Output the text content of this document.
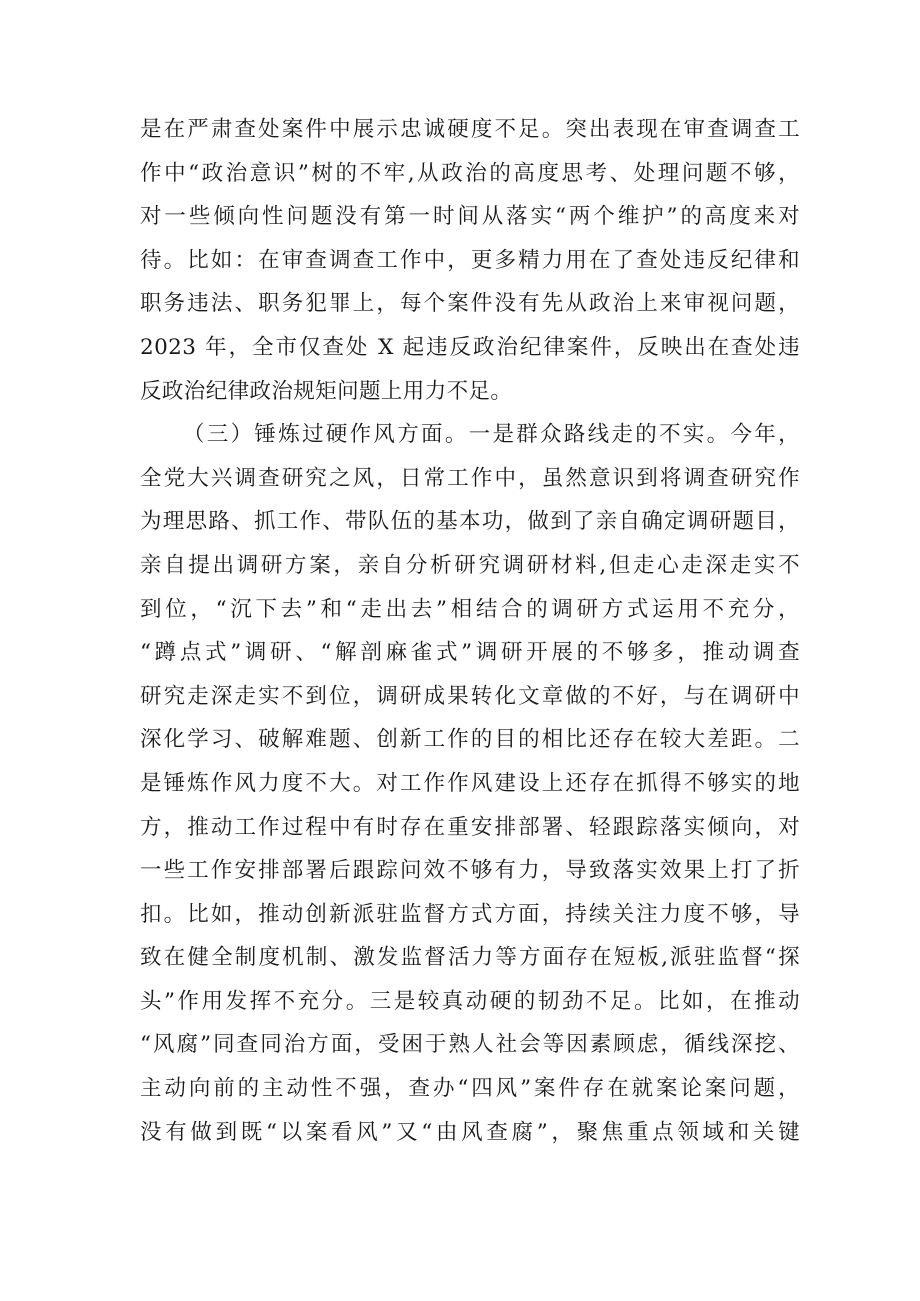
是在严肃查处案件中展示忠诚硬度不足。突出表现在审查调查工
作中“政治意识”树的不牢,从政治的高度思考、处理问题不够，
对一些倾向性问题没有第一时间从落实“两个维护”的高度来对
待。比如：在审查调查工作中，更多精力用在了查处违反纪律和
职务违法、职务犯罪上，每个案件没有先从政治上来审视问题，
2023 年，全市仅查处 X 起违反政治纪律案件，反映出在查处违
反政治纪律政治规矩问题上用力不足。
（三）锤炼过硬作风方面。一是群众路线走的不实。今年，
全党大兴调查研究之风，日常工作中，虽然意识到将调查研究作
为理思路、抓工作、带队伍的基本功，做到了亲自确定调研题目，
亲自提出调研方案，亲自分析研究调研材料,但走心走深走实不
到位，“沉下去”和“走出去”相结合的调研方式运用不充分，
“蹲点式”调研、“解剖麻雀式”调研开展的不够多，推动调查
研究走深走实不到位，调研成果转化文章做的不好，与在调研中
深化学习、破解难题、创新工作的目的相比还存在较大差距。二
是锤炼作风力度不大。对工作作风建设上还存在抓得不够实的地
方，推动工作过程中有时存在重安排部署、轻跟踪落实倾向，对
一些工作安排部署后跟踪问效不够有力，导致落实效果上打了折
扣。比如，推动创新派驻监督方式方面，持续关注力度不够，导
致在健全制度机制、激发监督活力等方面存在短板,派驻监督“探
头”作用发挥不充分。三是较真动硬的韧劲不足。比如，在推动
“风腐”同查同治方面，受困于熟人社会等因素顾虑，循线深挖、
主动向前的主动性不强，查办“四风”案件存在就案论案问题，
没有做到既“以案看风”又“由风查腐”，聚焦重点领域和关键
